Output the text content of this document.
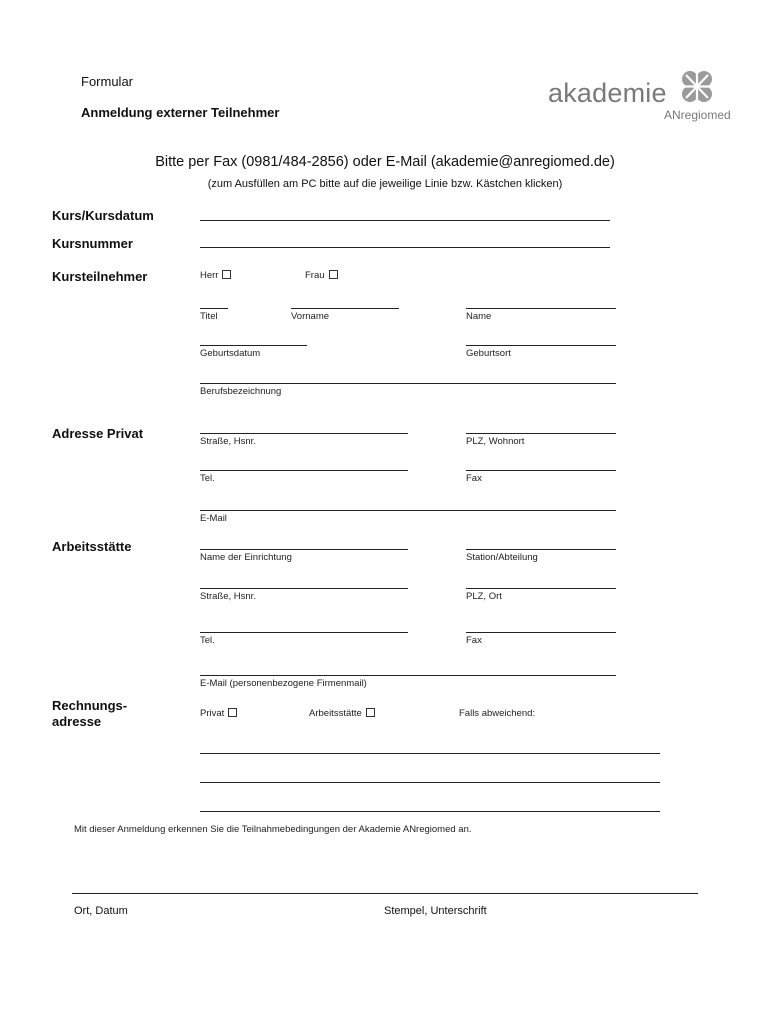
Formular
Anmeldung externer Teilnehmer
akademie
ANregiomed
Bitte per Fax (0981/484-2856) oder E-Mail (akademie@anregiomed.de)
(zum Ausfüllen am PC bitte auf die jeweilige Linie bzw. Kästchen klicken)
Kurs/Kursdatum
Kursnummer
Kursteilnehmer	Herr	Frau
Titel	Vorname	Name
Geburtsdatum	Geburtsort
Berufsbezeichnung
Adresse Privat
Straße, Hsnr.	PLZ, Wohnort
Tel.	Fax
E-Mail
Arbeitsstätte
Name der Einrichtung	Station/Abteilung
Straße, Hsnr.	PLZ, Ort
Tel.	Fax
E-Mail (personenbezogene Firmenmail)
Rechnungs-
adresse
Privat	Arbeitsstätte	Falls abweichend:
Mit dieser Anmeldung erkennen Sie die Teilnahmebedingungen der Akademie ANregiomed an.
Ort, Datum	Stempel, Unterschrift
